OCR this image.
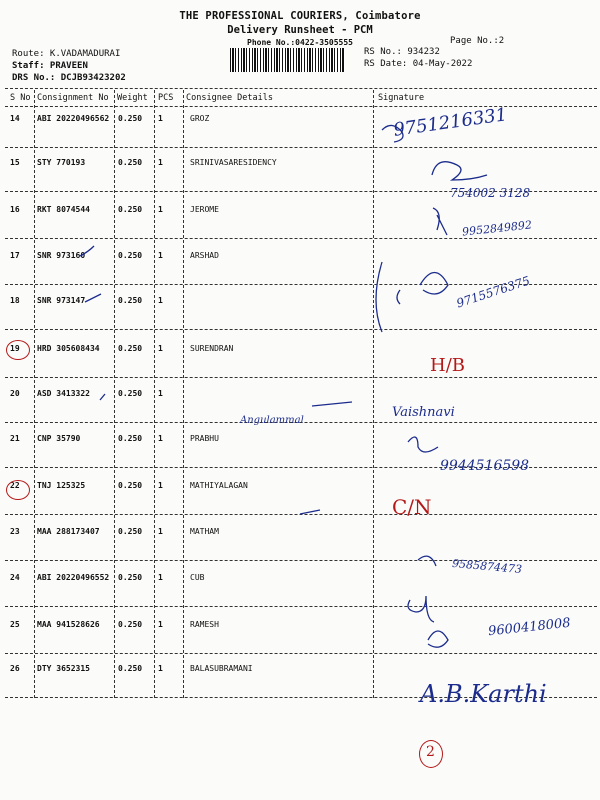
THE PROFESSIONAL COURIERS, Coimbatore
Delivery Runsheet - PCM
Phone No.:0422-3505555	Page No.:2
Route: K.VADAMADURAI
Staff: PRAVEEN
DRS No.: DCJB93423202
RS No.: 934232
RS Date: 04-May-2022
S No Consignment No Weight PCS Consignee Details	Signature
14 ABI 20220496562 0.250 1	GROZ
15 STY 770193	0.250 1	SRINIVASARESIDENCY
16 RKT 8074544	0.250 1	JEROME
17 SNR 973160	0.250 1	ARSHAD
18 SNR 973147	0.250 1
19 HRD 305608434 0.250 1	SURENDRAN
20 ASD 3413322	0.250 1
21 CNP 35790	0.250 1	PRABHU
22 TNJ 125325	0.250 1	MATHIYALAGAN
23 MAA 288173407 0.250 1	MATHAM
24 ABI 20220496552 0.250 1	CUB
25 MAA 941528626 0.250 1	RAMESH
26 DTY 3652315	0.250 1	BALASUBRAMANI
9751216331
754002 3128
9952849892
9715576375
H/B
Angulammal
Vaishnavi
9944516598
C/N
9585874473
9600418008
A.B.Karthi
2
